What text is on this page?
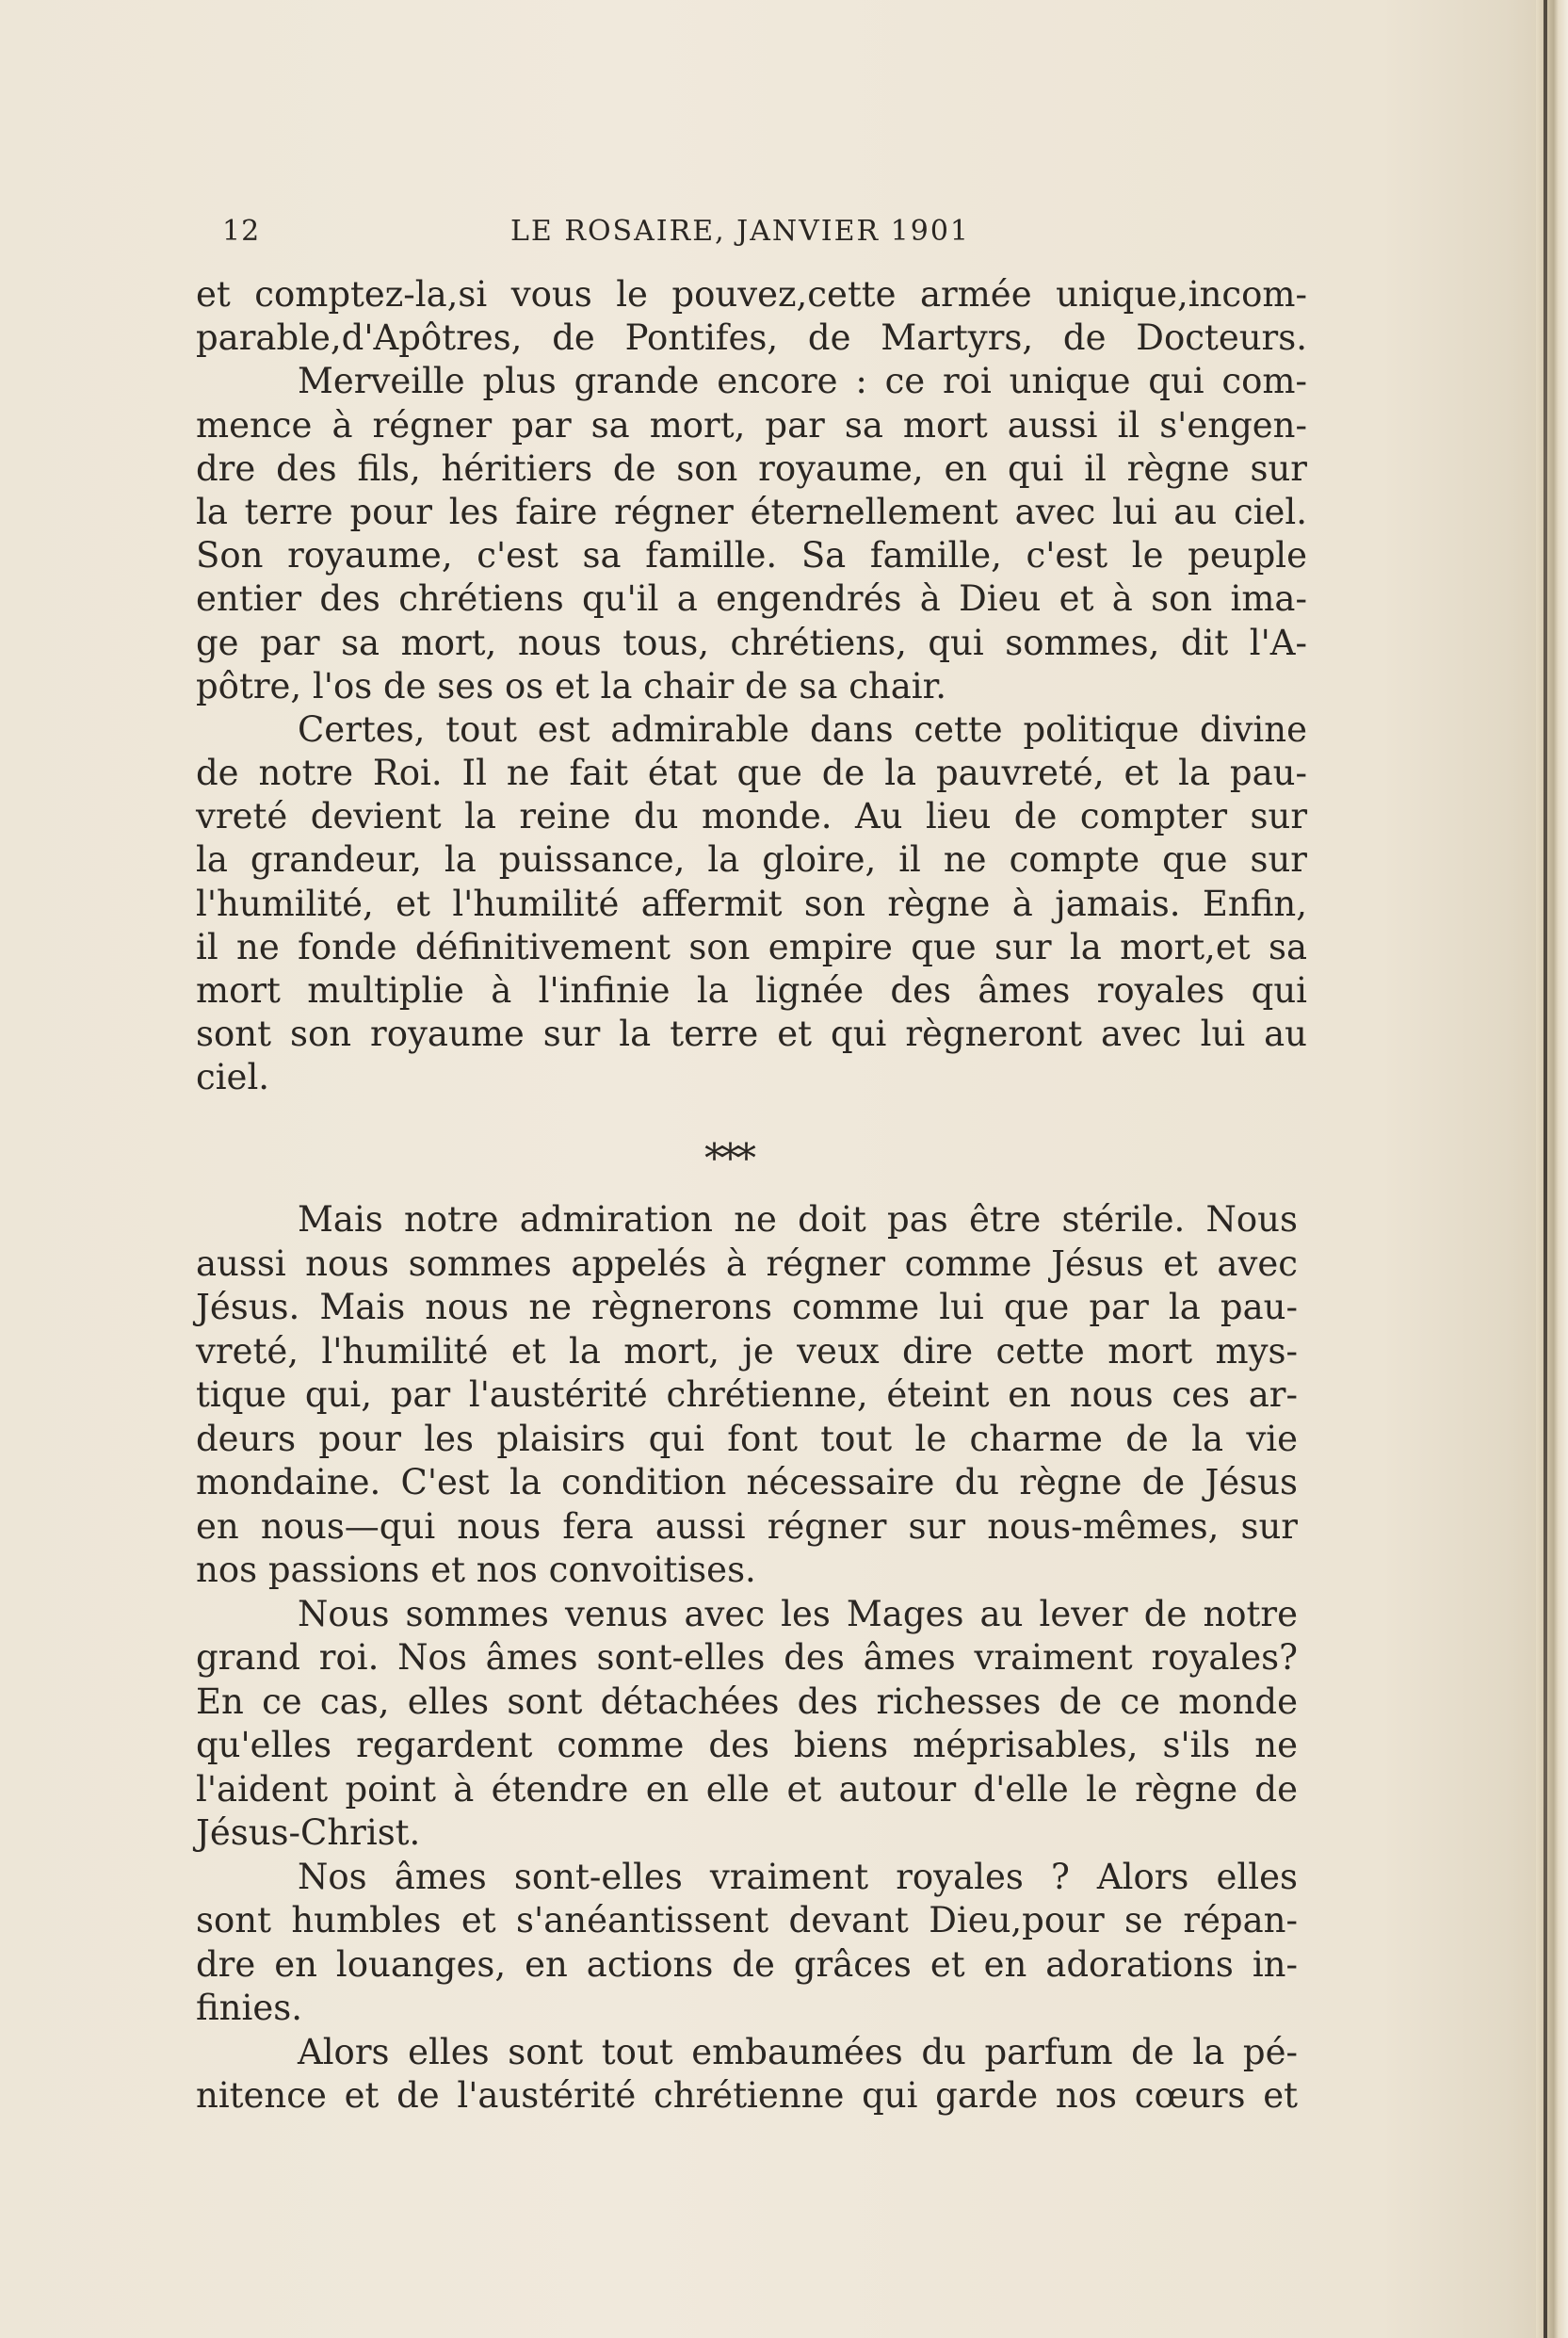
12	LE ROSAIRE, JANVIER 1901
et comptez-la,si vous le pouvez,cette armée unique,incom-
parable,d'Apôtres, de Pontifes, de Martyrs, de Docteurs.
Merveille plus grande encore : ce roi unique qui com-
mence à régner par sa mort, par sa mort aussi il s'engen-
dre des fils, héritiers de son royaume, en qui il règne sur
la terre pour les faire régner éternellement avec lui au ciel.
Son royaume, c'est sa famille. Sa famille, c'est le peuple
entier des chrétiens qu'il a engendrés à Dieu et à son ima-
ge par sa mort, nous tous, chrétiens, qui sommes, dit l'A-
pôtre, l'os de ses os et la chair de sa chair.
Certes, tout est admirable dans cette politique divine
de notre Roi. Il ne fait état que de la pauvreté, et la pau-
vreté devient la reine du monde. Au lieu de compter sur
la grandeur, la puissance, la gloire, il ne compte que sur
l'humilité, et l'humilité affermit son règne à jamais. Enfin,
il ne fonde définitivement son empire que sur la mort,et sa
mort multiplie à l'infinie la lignée des âmes royales qui
sont son royaume sur la terre et qui règneront avec lui au
ciel.
***
Mais notre admiration ne doit pas être stérile. Nous
aussi nous sommes appelés à régner comme Jésus et avec
Jésus. Mais nous ne règnerons comme lui que par la pau-
vreté, l'humilité et la mort, je veux dire cette mort mys-
tique qui, par l'austérité chrétienne, éteint en nous ces ar-
deurs pour les plaisirs qui font tout le charme de la vie
mondaine. C'est la condition nécessaire du règne de Jésus
en nous—qui nous fera aussi régner sur nous-mêmes, sur
nos passions et nos convoitises.
Nous sommes venus avec les Mages au lever de notre
grand roi. Nos âmes sont-elles des âmes vraiment royales?
En ce cas, elles sont détachées des richesses de ce monde
qu'elles regardent comme des biens méprisables, s'ils ne
l'aident point à étendre en elle et autour d'elle le règne de
Jésus-Christ.
Nos âmes sont-elles vraiment royales ? Alors elles
sont humbles et s'anéantissent devant Dieu,pour se répan-
dre en louanges, en actions de grâces et en adorations in-
finies.
Alors elles sont tout embaumées du parfum de la pé-
nitence et de l'austérité chrétienne qui garde nos cœurs et
